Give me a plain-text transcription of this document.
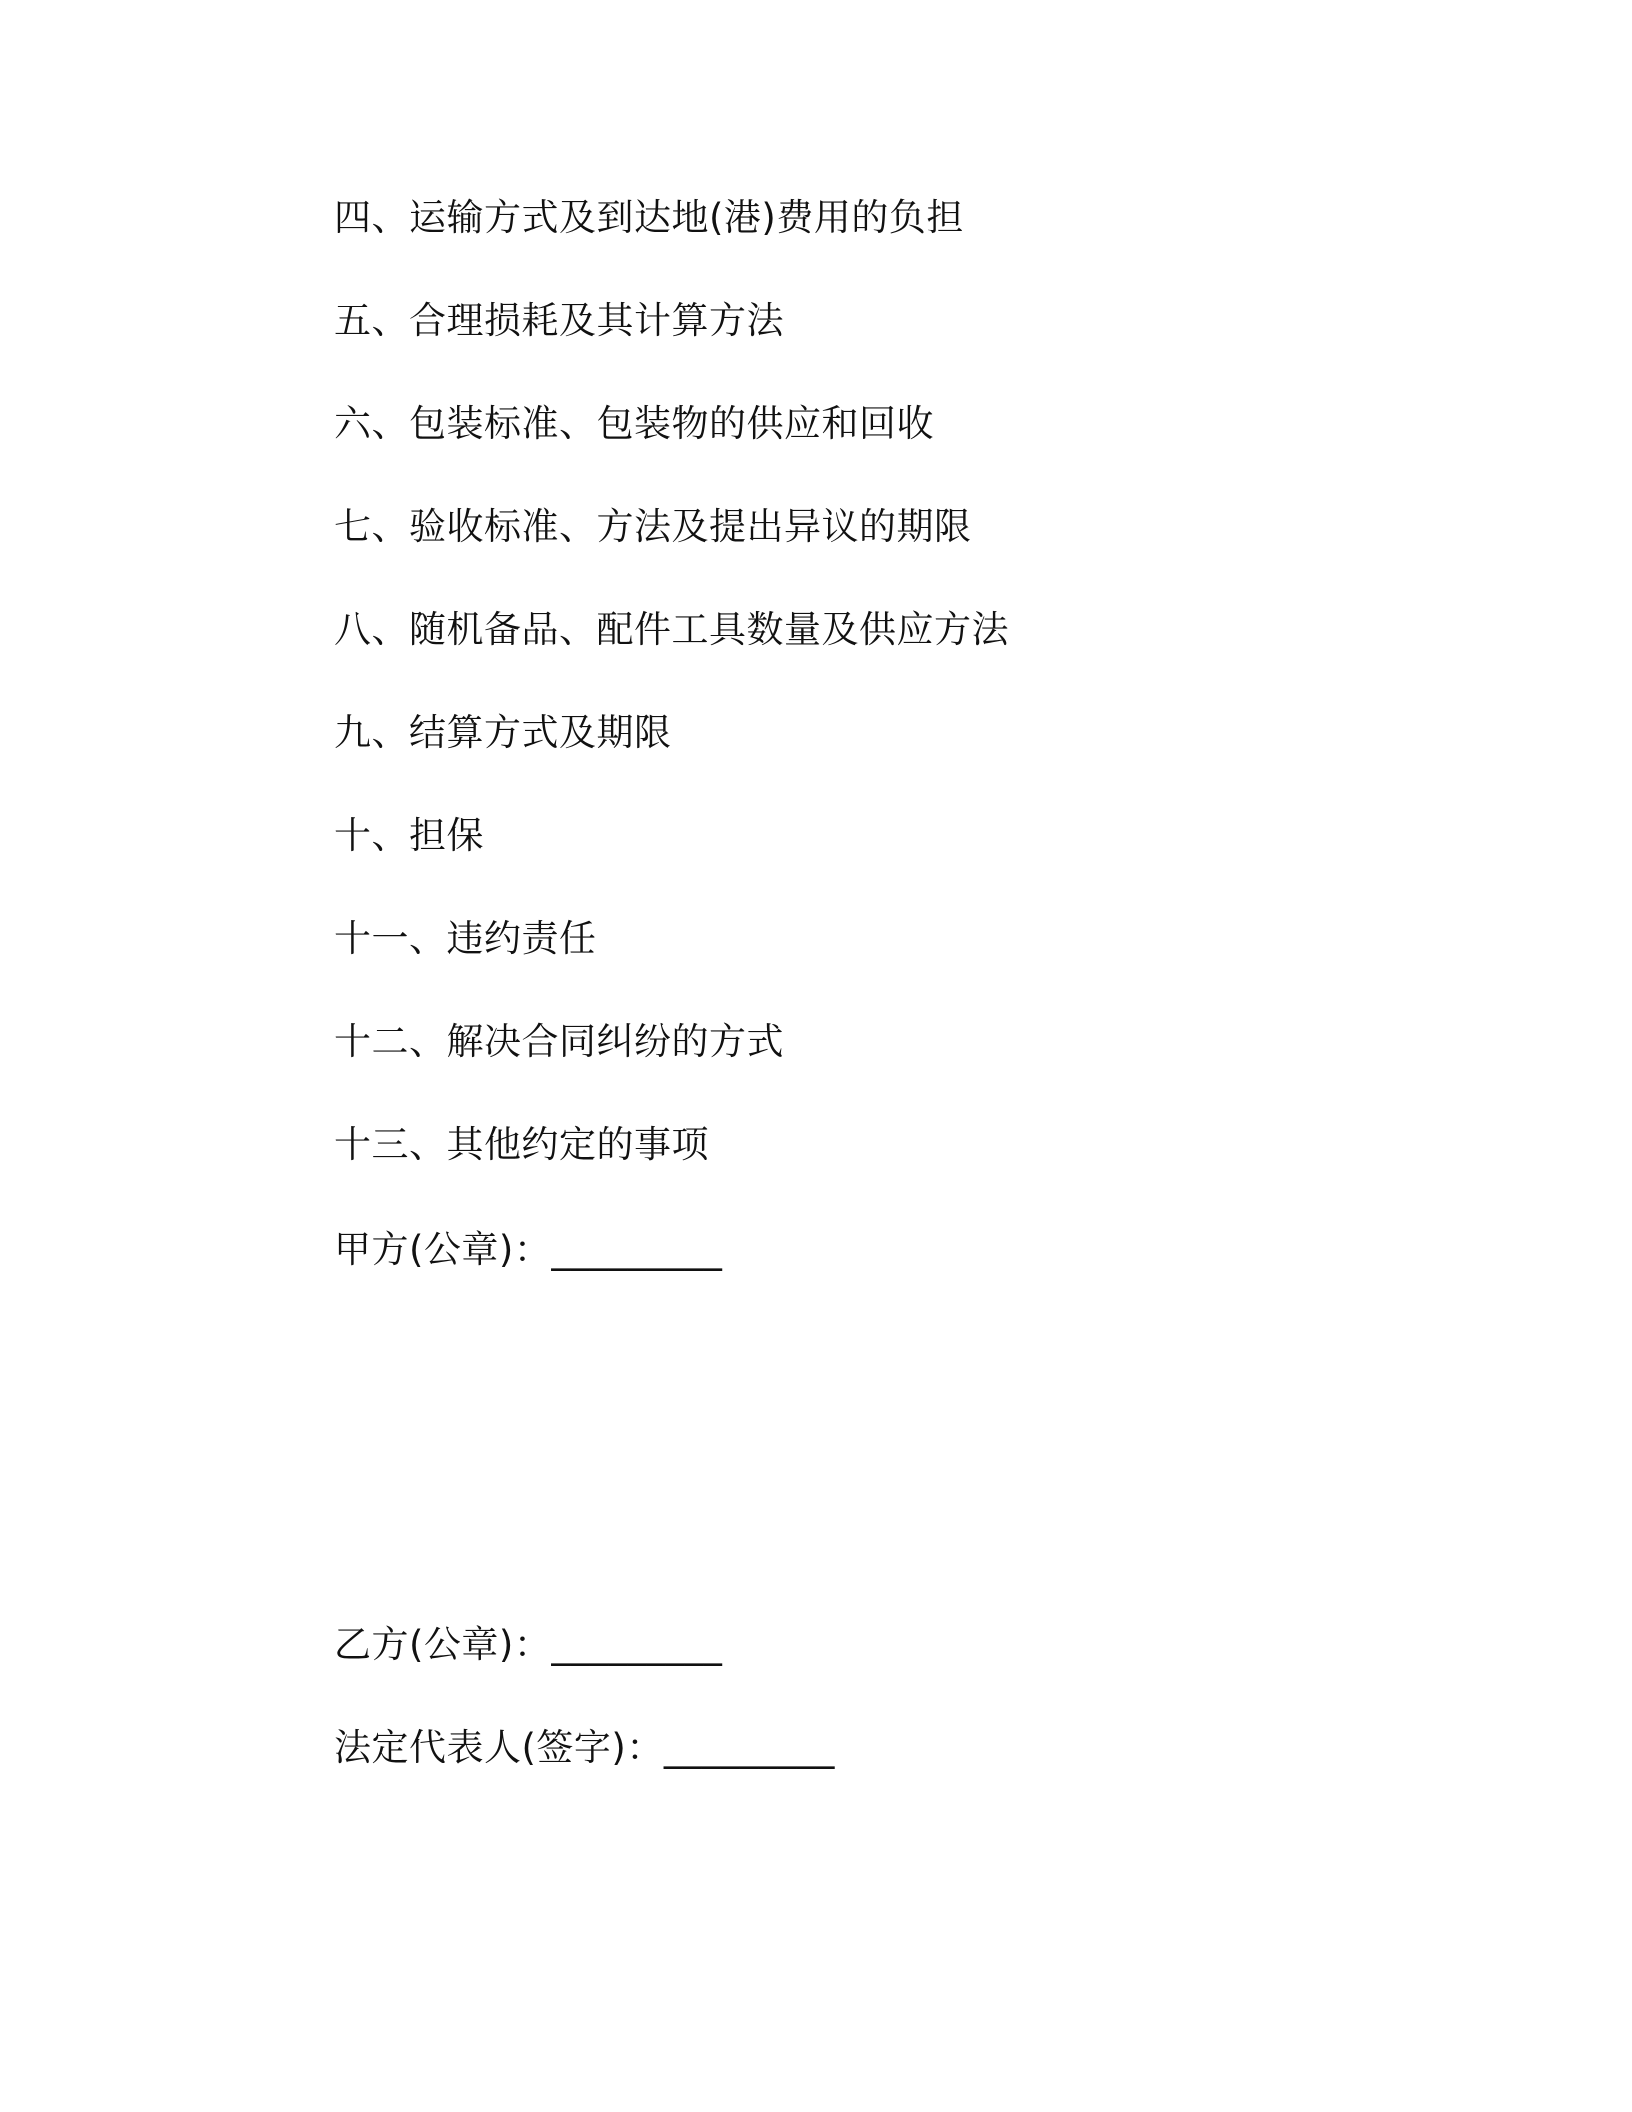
四、运输方式及到达地(港)费用的负担
五、合理损耗及其计算方法
六、包装标准、包装物的供应和回收
七、验收标准、方法及提出异议的期限
八、随机备品、配件工具数量及供应方法
九、结算方式及期限
十、担保
十一、违约责任
十二、解决合同纠纷的方式
十三、其他约定的事项
甲方(公章)：_________
乙方(公章)：_________
法定代表人(签字)：_________
